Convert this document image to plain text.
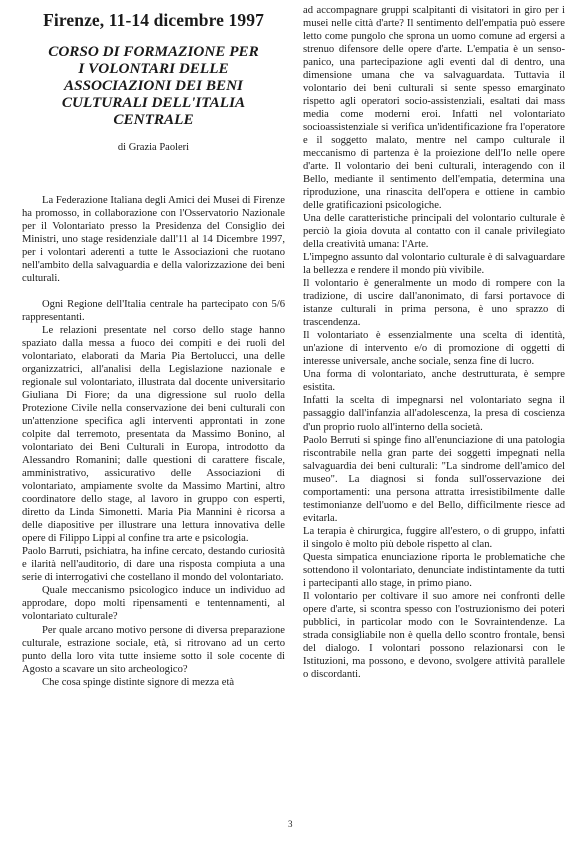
Firenze, 11-14 dicembre 1997
CORSO DI FORMAZIONE PER
I VOLONTARI DELLE
ASSOCIAZIONI DEI BENI
CULTURALI DELL'ITALIA
CENTRALE
di Grazia Paoleri

La Federazione Italiana degli Amici dei Musei di Firenze ha promosso, in collaborazione con l'Osservatorio Nazionale per il Volontariato presso la Presidenza del Consiglio dei Ministri, uno stage residenziale dall'11 al 14 Dicembre 1997, per i volontari aderenti a tutte le Associazioni che ruotano nell'ambito della salvaguardia e della valorizzazione dei beni culturali.

Ogni Regione dell'Italia centrale ha partecipato con 5/6 rappresentanti.

Le relazioni presentate nel corso dello stage hanno spaziato dalla messa a fuoco dei compiti e dei ruoli del volontariato, elaborati da Maria Pia Bertolucci, una delle organizzatrici, all'analisi della Legislazione nazionale e regionale sul volontariato, illustrata dal docente universitario Giuliana Di Fiore; da una digressione sul ruolo della Protezione Civile nella conservazione dei beni culturali con un'attenzione specifica agli interventi approntati in zone colpite dal terremoto, presentata da Massimo Bonino, al volontariato dei Beni Culturali in Europa, introdotto da Alessandro Romanini; dalle questioni di carattere fiscale, amministrativo, assicurativo delle Associazioni di volontariato, ampiamente svolte da Massimo Martini, altro coordinatore dello stage, al lavoro in gruppo con esperti, diretto da Linda Simonetti. Maria Pia Mannini è ricorsa a delle diapositive per illustrare una lettura innovativa delle opere di Filippo Lippi al confine tra arte e psicologia.

Paolo Barruti, psichiatra, ha infine cercato, destando curiosità e ilarità nell'auditorio, di dare una risposta compiuta a una serie di interrogativi che costellano il mondo del volontariato.

Quale meccanismo psicologico induce un individuo ad approdare, dopo molti ripensamenti e tentennamenti, al volontariato culturale?

Per quale arcano motivo persone di diversa preparazione culturale, estrazione sociale, età, si ritrovano ad un certo punto della loro vita tutte insieme sotto il sole cocente di Agosto a scavare un sito archeologico?

Che cosa spinge distinte signore di mezza età

ad accompagnare gruppi scalpitanti di visitatori in giro per i musei nelle città d'arte? Il sentimento dell'empatia può essere letto come pungolo che sprona un uomo comune ad ergersi a strenuo difensore delle opere d'arte. L'empatia è un senso-panico, una partecipazione agli eventi dal di dentro, una dimensione umana che va salvaguardata. Tuttavia il volontario dei beni culturali si sente spesso emarginato rispetto agli operatori socio-assistenziali, esaltati dai mass media come moderni eroi. Infatti nel volontariato socioassistenziale si verifica un'identificazione fra l'operatore e il soggetto malato, mentre nel campo culturale il meccanismo di partenza è la proiezione dell'Io nelle opere d'arte. Il volontario dei beni culturali, interagendo con il Bello, mediante il sentimento dell'empatia, determina una riproduzione, una rinascita dell'opera e ottiene in cambio delle gratificazioni psicologiche.

Una delle caratteristiche principali del volontario culturale è perciò la gioia dovuta al contatto con il canale privilegiato della creatività umana: l'Arte.

L'impegno assunto dal volontario culturale è di salvaguardare la bellezza e rendere il mondo più vivibile.

Il volontario è generalmente un modo di rompere con la tradizione, di uscire dall'anonimato, di farsi portavoce di istanze culturali in prima persona, è uno sprazzo di trascendenza.

Il volontariato è essenzialmente una scelta di identità, un'azione di intervento e/o di promozione di oggetti di interesse universale, anche sociale, senza fine di lucro.

Una forma di volontariato, anche destrutturata, è sempre esistita.

Infatti la scelta di impegnarsi nel volontariato segna il passaggio dall'infanzia all'adolescenza, la presa di coscienza d'un proprio ruolo all'interno della società.

Paolo Berruti si spinge fino all'enunciazione di una patologia riscontrabile nella gran parte dei soggetti impegnati nella salvaguardia dei beni culturali: "La sindrome dell'amico del museo". La diagnosi si fonda sull'osservazione dei comportamenti: una persona attratta irresistibilmente dalle testimonianze dell'uomo e del Bello, difficilmente riesce ad evitarla.

La terapia è chirurgica, fuggire all'estero, o di gruppo, infatti il singolo è molto più debole rispetto al clan.

Questa simpatica enunciazione riporta le problematiche che sottendono il volontariato, denunciate indistintamente da tutti i partecipanti allo stage, in primo piano.

Il volontario per coltivare il suo amore nei confronti delle opere d'arte, si scontra spesso con l'ostruzionismo dei poteri pubblici, in particolar modo con le Sovraintendenze. La strada consigliabile non è quella dello scontro frontale, bensì del dialogo. I volontari possono relazionarsi con le Istituzioni, ma possono, e devono, svolgere attività parallele o discordanti.

3
